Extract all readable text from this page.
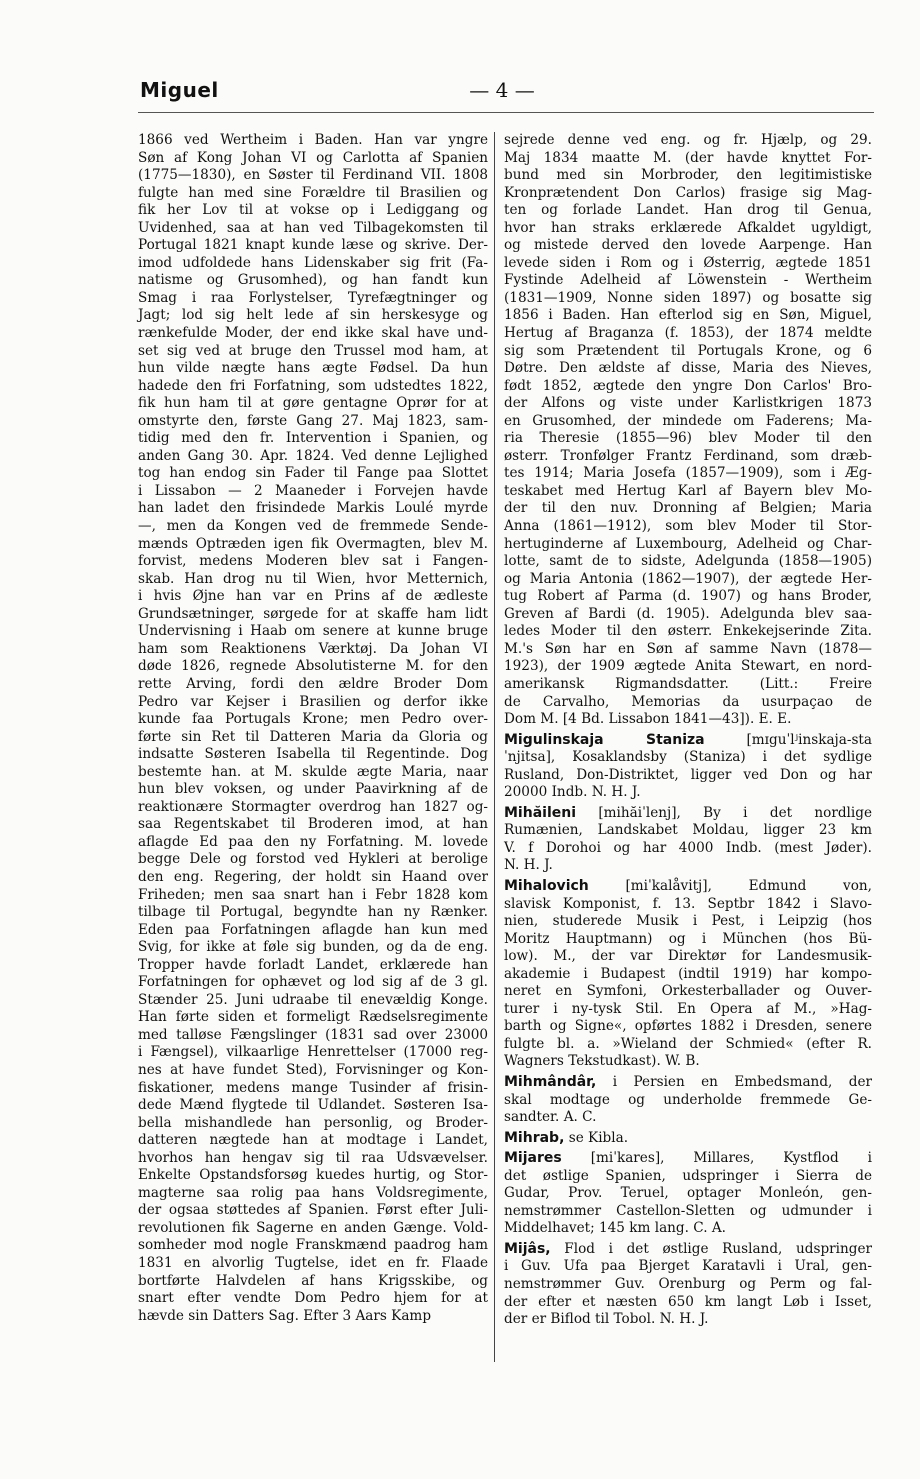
Miguel	— 4 —
1866 ved Wertheim i Baden. Han var yngre
Søn af Kong Johan VI og Carlotta af Spanien
(1775—1830), en Søster til Ferdinand VII. 1808
fulgte han med sine Forældre til Brasilien og
fik her Lov til at vokse op i Lediggang og
Uvidenhed, saa at han ved Tilbagekomsten til
Portugal 1821 knapt kunde læse og skrive. Der-
imod udfoldede hans Lidenskaber sig frit (Fa-
natisme og Grusomhed), og han fandt kun
Smag i raa Forlystelser, Tyrefægtninger og
Jagt; lod sig helt lede af sin herskesyge og
rænkefulde Moder, der end ikke skal have und-
set sig ved at bruge den Trussel mod ham, at
hun vilde nægte hans ægte Fødsel. Da hun
hadede den fri Forfatning, som udstedtes 1822,
fik hun ham til at gøre gentagne Oprør for at
omstyrte den, første Gang 27. Maj 1823, sam-
tidig med den fr. Intervention i Spanien, og
anden Gang 30. Apr. 1824. Ved denne Lejlighed
tog han endog sin Fader til Fange paa Slottet
i Lissabon — 2 Maaneder i Forvejen havde
han ladet den frisindede Markis Loulé myrde
—, men da Kongen ved de fremmede Sende-
mænds Optræden igen fik Overmagten, blev M.
forvist, medens Moderen blev sat i Fangen-
skab. Han drog nu til Wien, hvor Metternich,
i hvis Øjne han var en Prins af de ædleste
Grundsætninger, sørgede for at skaffe ham lidt
Undervisning i Haab om senere at kunne bruge
ham som Reaktionens Værktøj. Da Johan VI
døde 1826, regnede Absolutisterne M. for den
rette Arving, fordi den ældre Broder Dom
Pedro var Kejser i Brasilien og derfor ikke
kunde faa Portugals Krone; men Pedro over-
førte sin Ret til Datteren Maria da Gloria og
indsatte Søsteren Isabella til Regentinde. Dog
bestemte han. at M. skulde ægte Maria, naar
hun blev voksen, og under Paavirkning af de
reaktionære Stormagter overdrog han 1827 og-
saa Regentskabet til Broderen imod, at han
aflagde Ed paa den ny Forfatning. M. lovede
begge Dele og forstod ved Hykleri at berolige
den eng. Regering, der holdt sin Haand over
Friheden; men saa snart han i Febr 1828 kom
tilbage til Portugal, begyndte han ny Rænker.
Eden paa Forfatningen aflagde han kun med
Svig, for ikke at føle sig bunden, og da de eng.
Tropper havde forladt Landet, erklærede han
Forfatningen for ophævet og lod sig af de 3 gl.
Stænder 25. Juni udraabe til enevældig Konge.
Han førte siden et formeligt Rædselsregimente
med talløse Fængslinger (1831 sad over 23000
i Fængsel), vilkaarlige Henrettelser (17000 reg-
nes at have fundet Sted), Forvisninger og Kon-
fiskationer, medens mange Tusinder af frisin-
dede Mænd flygtede til Udlandet. Søsteren Isa-
bella mishandlede han personlig, og Broder-
datteren nægtede han at modtage i Landet,
hvorhos han hengav sig til raa Udsvævelser.
Enkelte Opstandsforsøg kuedes hurtig, og Stor-
magterne saa rolig paa hans Voldsregimente,
der ogsaa støttedes af Spanien. Først efter Juli-
revolutionen fik Sagerne en anden Gænge. Vold-
somheder mod nogle Franskmænd paadrog ham
1831 en alvorlig Tugtelse, idet en fr. Flaade
bortførte Halvdelen af hans Krigsskibe, og
snart efter vendte Dom Pedro hjem for at
hævde sin Datters Sag. Efter 3 Aars Kamp
sejrede denne ved eng. og fr. Hjælp, og 29.
Maj 1834 maatte M. (der havde knyttet For-
bund med sin Morbroder, den legitimistiske
Kronprætendent Don Carlos) frasige sig Mag-
ten og forlade Landet. Han drog til Genua,
hvor han straks erklærede Afkaldet ugyldigt,
og mistede derved den lovede Aarpenge. Han
levede siden i Rom og i Østerrig, ægtede 1851
Fystinde Adelheid af Löwenstein - Wertheim
(1831—1909, Nonne siden 1897) og bosatte sig
1856 i Baden. Han efterlod sig en Søn, Miguel,
Hertug af Braganza (f. 1853), der 1874 meldte
sig som Prætendent til Portugals Krone, og 6
Døtre. Den ældste af disse, Maria des Nieves,
født 1852, ægtede den yngre Don Carlos' Bro-
der Alfons og viste under Karlistkrigen 1873
en Grusomhed, der mindede om Faderens; Ma-
ria Theresie (1855—96) blev Moder til den
østerr. Tronfølger Frantz Ferdinand, som dræb-
tes 1914; Maria Josefa (1857—1909), som i Æg-
teskabet med Hertug Karl af Bayern blev Mo-
der til den nuv. Dronning af Belgien; Maria
Anna (1861—1912), som blev Moder til Stor-
hertuginderne af Luxembourg, Adelheid og Char-
lotte, samt de to sidste, Adelgunda (1858—1905)
og Maria Antonia (1862—1907), der ægtede Her-
tug Robert af Parma (d. 1907) og hans Broder,
Greven af Bardi (d. 1905). Adelgunda blev saa-
ledes Moder til den østerr. Enkekejserinde Zita.
M.'s Søn har en Søn af samme Navn (1878—
1923), der 1909 ægtede Anita Stewart, en nord-
amerikansk Rigmandsdatter. (Litt.: Freire
de Carvalho, Memorias da usurpaçao de
Dom M. [4 Bd. Lissabon 1841—43]). E. E.
Migulinskaja Staniza [mɪguˈlʲinskaja-sta
ˈnjitsa], Kosaklandsby (Staniza) i det sydlige
Rusland, Don-Distriktet, ligger ved Don og har
20000 Indb. N. H. J.
Mihăileni [mihăiˈlenj], By i det nordlige
Rumænien, Landskabet Moldau, ligger 23 km
V. f Dorohoi og har 4000 Indb. (mest Jøder).
N. H. J.
Mihalovich [miˈkalåvitj], Edmund von,
slavisk Komponist, f. 13. Septbr 1842 i Slavo-
nien, studerede Musik i Pest, i Leipzig (hos
Moritz Hauptmann) og i München (hos Bü-
low). M., der var Direktør for Landesmusik-
akademie i Budapest (indtil 1919) har kompo-
neret en Symfoni, Orkesterballader og Ouver-
turer i ny-tysk Stil. En Opera af M., »Hag-
barth og Signe«, opførtes 1882 i Dresden, senere
fulgte bl. a. »Wieland der Schmied« (efter R.
Wagners Tekstudkast). W. B.
Mihmândâr, i Persien en Embedsmand, der
skal modtage og underholde fremmede Ge-
sandter. A. C.
Mihrab, se Kibla.
Mijares [miˈkares], Millares, Kystflod i
det østlige Spanien, udspringer i Sierra de
Gudar, Prov. Teruel, optager Monleón, gen-
nemstrømmer Castellon-Sletten og udmunder i
Middelhavet; 145 km lang. C. A.
Mijâs, Flod i det østlige Rusland, udspringer
i Guv. Ufa paa Bjerget Karatavli i Ural, gen-
nemstrømmer Guv. Orenburg og Perm og fal-
der efter et næsten 650 km langt Løb i Isset,
der er Biflod til Tobol. N. H. J.
